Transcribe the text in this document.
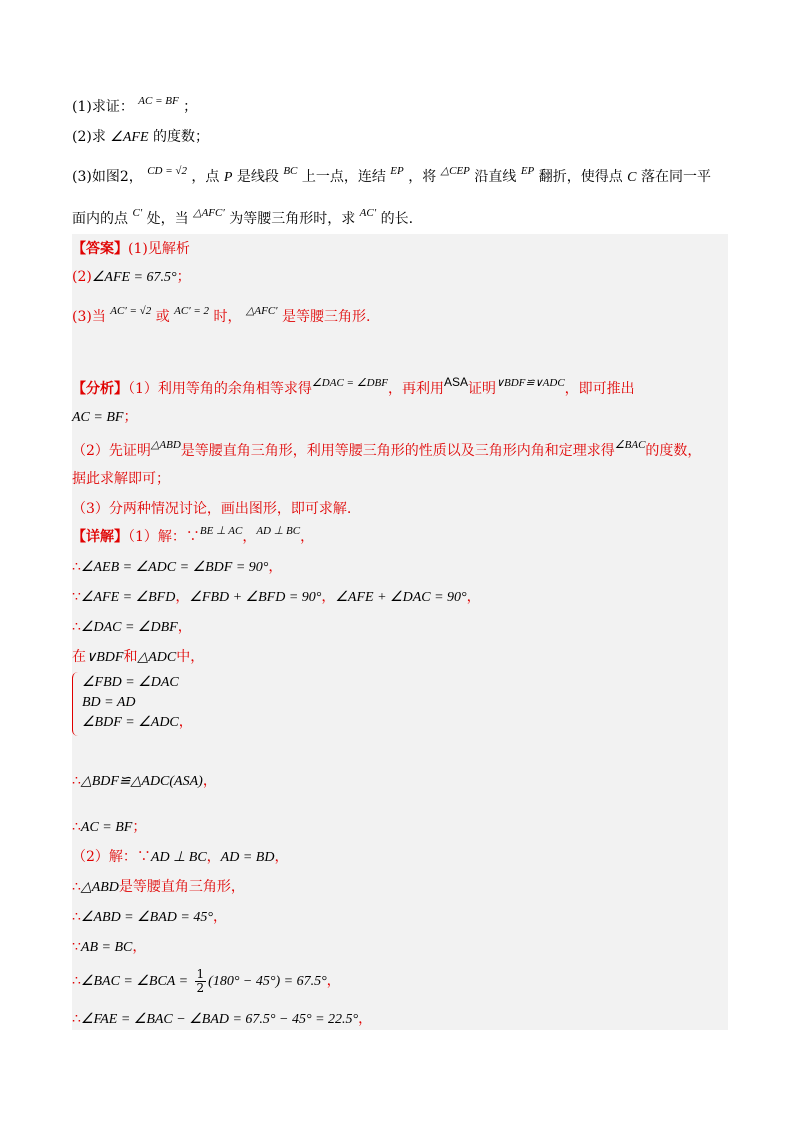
(1)求证： $^{AC = BF}$ ；
(2)求 ∠AFE 的度数；
(3)如图2， $^{CD = √2}$ ，点 P 是线段 $^{BC}$ 上一点，连结 $^{EP}$ ，将 $^{\triangle CEP}$ 沿直线 $^{EP}$ 翻折，使得点 C 落在同一平
面内的点 $^{C'}$ 处，当 $^{\triangle AFC'}$ 为等腰三角形时，求 $^{AC'}$ 的长.
【答案】(1)见解析
(2)∠AFE = 67.5°；
(3)当 $^{AC' = √2}$ 或 $^{AC' = 2}$ 时， $^{\triangle AFC'}$ 是等腰三角形.
【分析】（1）利用等角的余角相等求得$^{\angle DAC = \angle DBF}$，再利用ASA证明$^{\vee BDF≌\vee ADC}$，即可推出
AC = BF；
（2）先证明$^{\triangle ABD}$是等腰直角三角形，利用等腰三角形的性质以及三角形内角和定理求得$^{\angle BAC}$的度数，
据此求解即可；
（3）分两种情况讨论，画出图形，即可求解.
【详解】（1）解：∵$^{BE \perp AC}$，$^{AD \perp BC}$，
∴∠AEB = ∠ADC = ∠BDF = 90°，
∵∠AFE = ∠BFD，∠FBD + ∠BFD = 90°，∠AFE + ∠DAC = 90°，
∴∠DAC = ∠DBF，
在∨BDF和△ADC中，
∠FBD = ∠DAC
BD = AD
∠BDF = ∠ADC，
∴△BDF≌△ADC(ASA)，
∴AC = BF；
（2）解：∵AD ⊥ BC，AD = BD，
∴△ABD是等腰直角三角形，
∴∠ABD = ∠BAD = 45°，
∵AB = BC，
∴∠BAC = ∠BCA = $\frac{1}{2} (180^\circ - 45^\circ) = 67.5^\circ$，
∴∠FAE = ∠BAC − ∠BAD = 67.5° − 45° = 22.5°，
